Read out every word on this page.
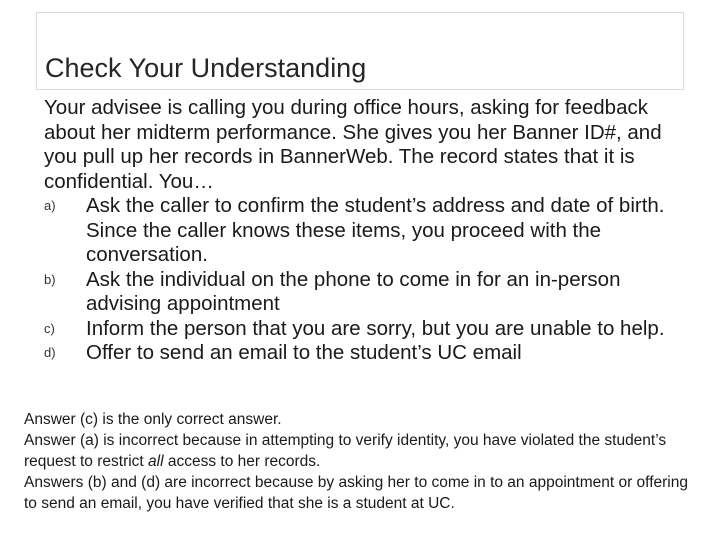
Check Your Understanding

Your advisee is calling you during office hours, asking for feedback about her midterm performance. She gives you her Banner ID#, and you pull up her records in BannerWeb. The record states that it is confidential. You…

a)	Ask the caller to confirm the student’s address and date of birth. Since the caller knows these items, you proceed with the conversation.
b)	Ask the individual on the phone to come in for an in-person advising appointment
c)	Inform the person that you are sorry, but you are unable to help.
d)	Offer to send an email to the student’s UC email

Answer (c) is the only correct answer.

Answer (a) is incorrect because in attempting to verify identity, you have violated the student’s request to restrict all access to her records.

Answers (b) and (d) are incorrect because by asking her to come in to an appointment or offering to send an email, you have verified that she is a student at UC.
